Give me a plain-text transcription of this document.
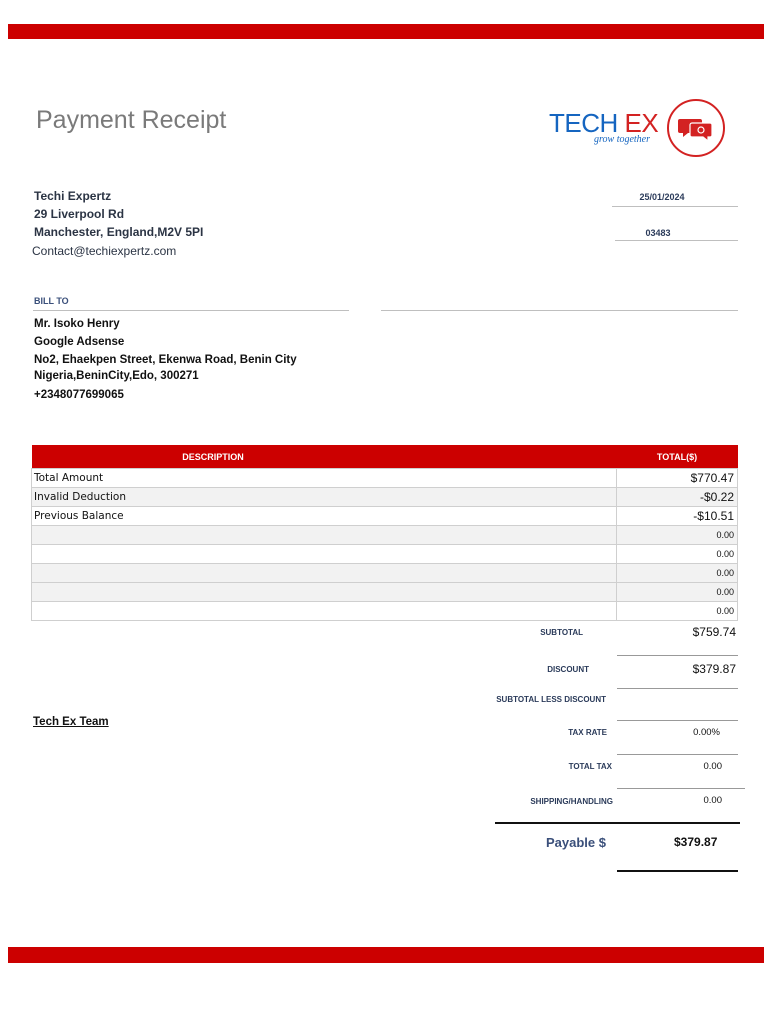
Payment Receipt	TECH EX
grow together
Techi Expertz
29 Liverpool Rd
Manchester, England,M2V 5PI
Contact@techiexpertz.com
25/01/2024
03483
BILL TO
Mr. Isoko Henry
Google Adsense
No2, Ehaekpen Street, Ekenwa Road, Benin City
Nigeria,BeninCity,Edo, 300271
+2348077699065
DESCRIPTION		TOTAL($)
Total Amount		$770.47
Invalid Deduction		-$0.22
Previous Balance		-$10.51
		0.00
		0.00
		0.00
		0.00
		0.00
SUBTOTAL	$759.74
DISCOUNT	$379.87
SUBTOTAL LESS DISCOUNT
Tech Ex Team
TAX RATE	0.00%
TOTAL TAX	0.00
SHIPPING/HANDLING	0.00
Payable $	$379.87
